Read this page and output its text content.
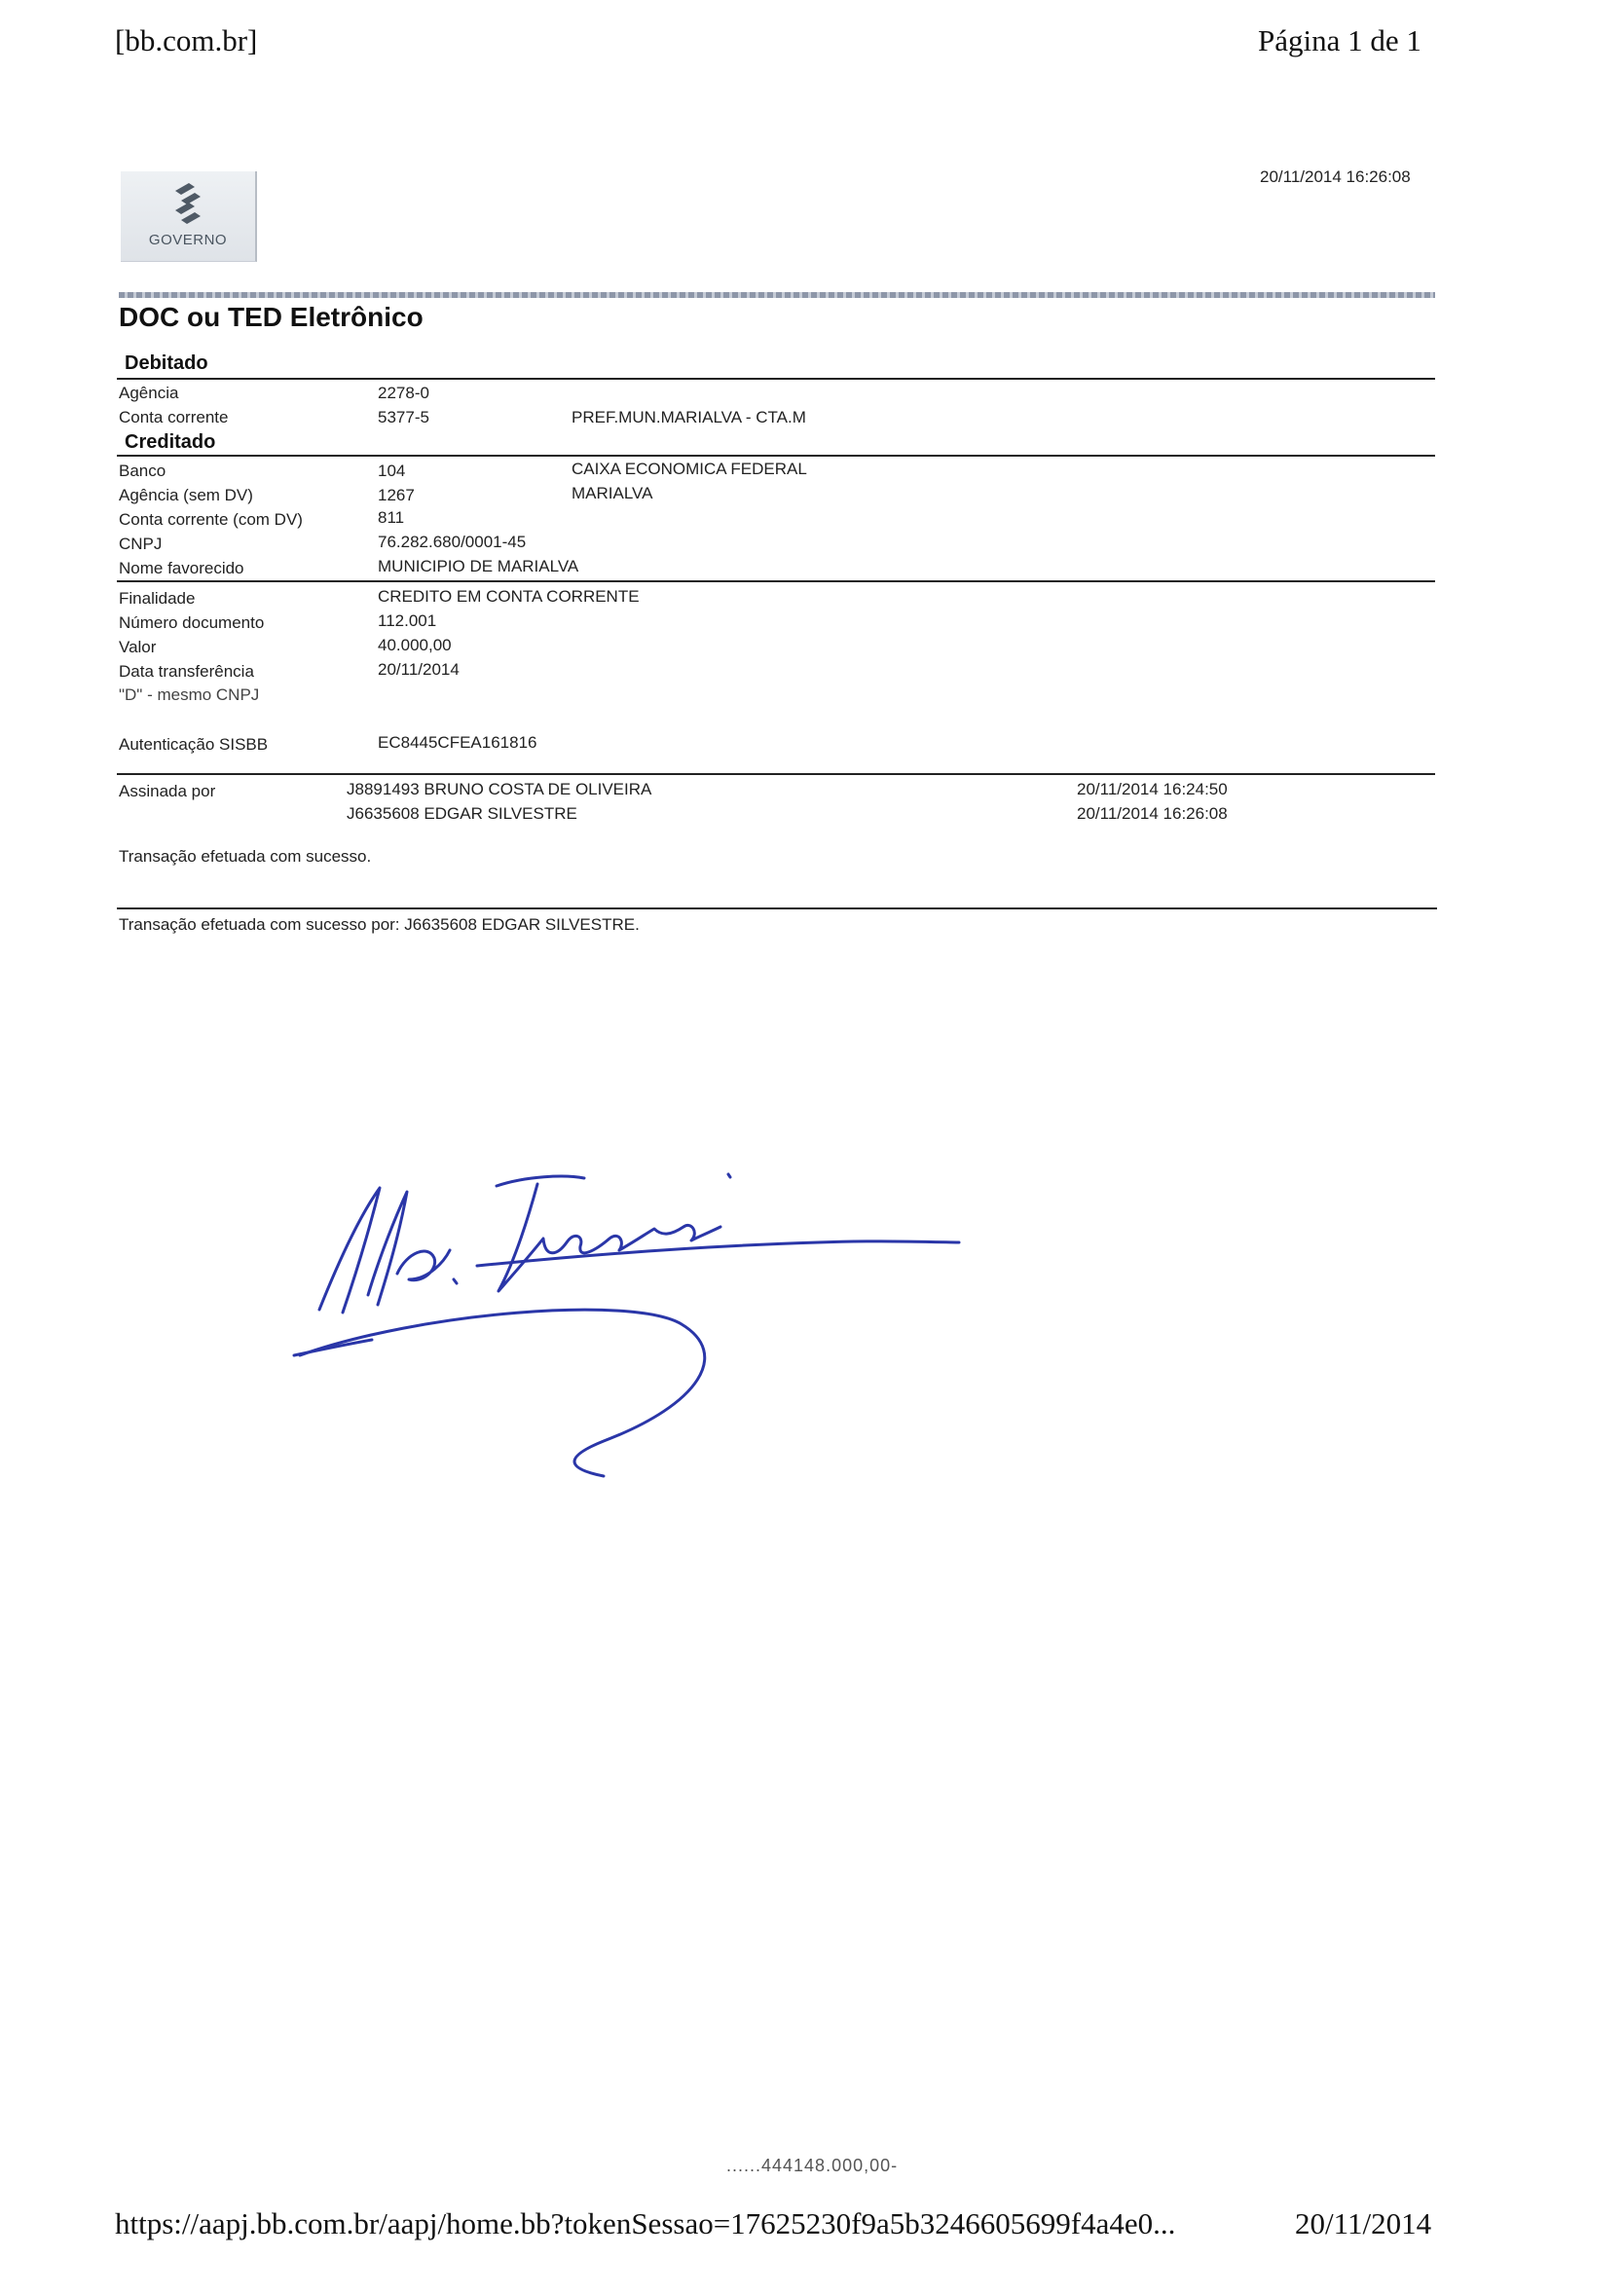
[bb.com.br]	Página 1 de 1
20/11/2014 16:26:08
GOVERNO
DOC ou TED Eletrônico
Debitado
Agência	2278-0
Conta corrente	5377-5	PREF.MUN.MARIALVA - CTA.M
Creditado
Banco	104	CAIXA ECONOMICA FEDERAL
Agência (sem DV)	1267	MARIALVA
Conta corrente (com DV)	811
CNPJ	76.282.680/0001-45
Nome favorecido	MUNICIPIO DE MARIALVA
Finalidade	CREDITO EM CONTA CORRENTE
Número documento	112.001
Valor	40.000,00
Data transferência	20/11/2014
"D" - mesmo CNPJ
Autenticação SISBB	EC8445CFEA161816
Assinada por	J8891493 BRUNO COSTA DE OLIVEIRA	20/11/2014 16:24:50
J6635608 EDGAR SILVESTRE	20/11/2014 16:26:08
Transação efetuada com sucesso.
Transação efetuada com sucesso por: J6635608 EDGAR SILVESTRE.
......444148.000,00-
https://aapj.bb.com.br/aapj/home.bb?tokenSessao=17625230f9a5b3246605699f4a4e0...	20/11/2014
